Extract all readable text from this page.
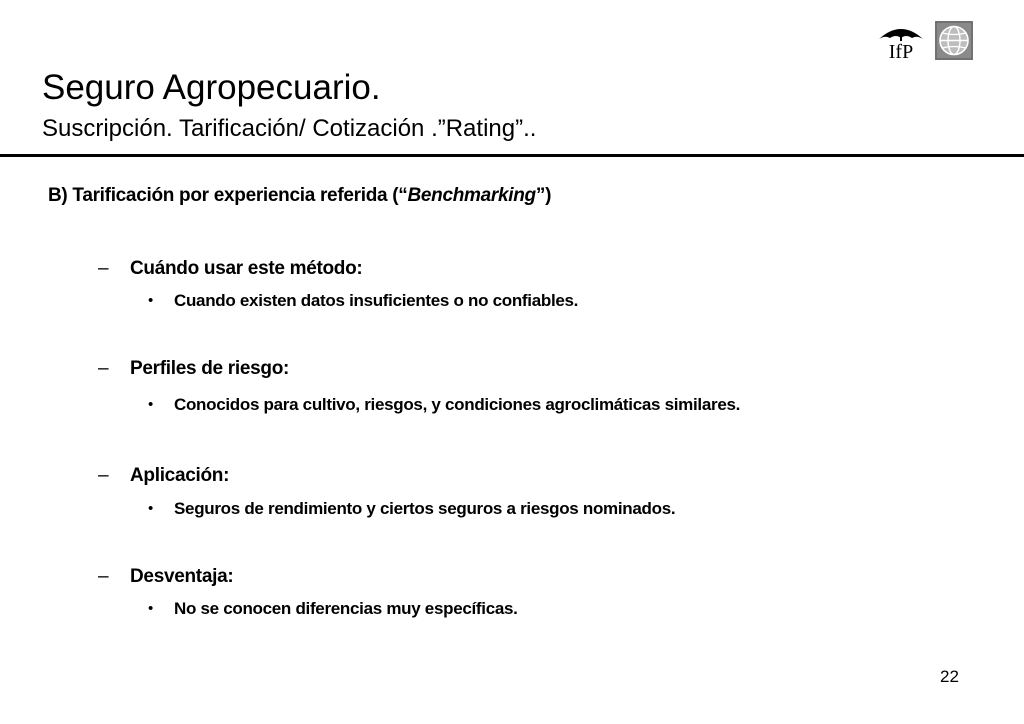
IfP
Seguro Agropecuario.
Suscripción. Tarificación/ Cotización .”Rating”..
B) Tarificación por experiencia referida (“Benchmarking”)
– Cuándo usar este método:
• Cuando existen datos insuficientes o no confiables.
– Perfiles de riesgo:
• Conocidos para cultivo, riesgos, y condiciones agroclimáticas similares.
– Aplicación:
• Seguros de rendimiento y ciertos seguros a riesgos nominados.
– Desventaja:
• No se conocen diferencias muy específicas.
22
